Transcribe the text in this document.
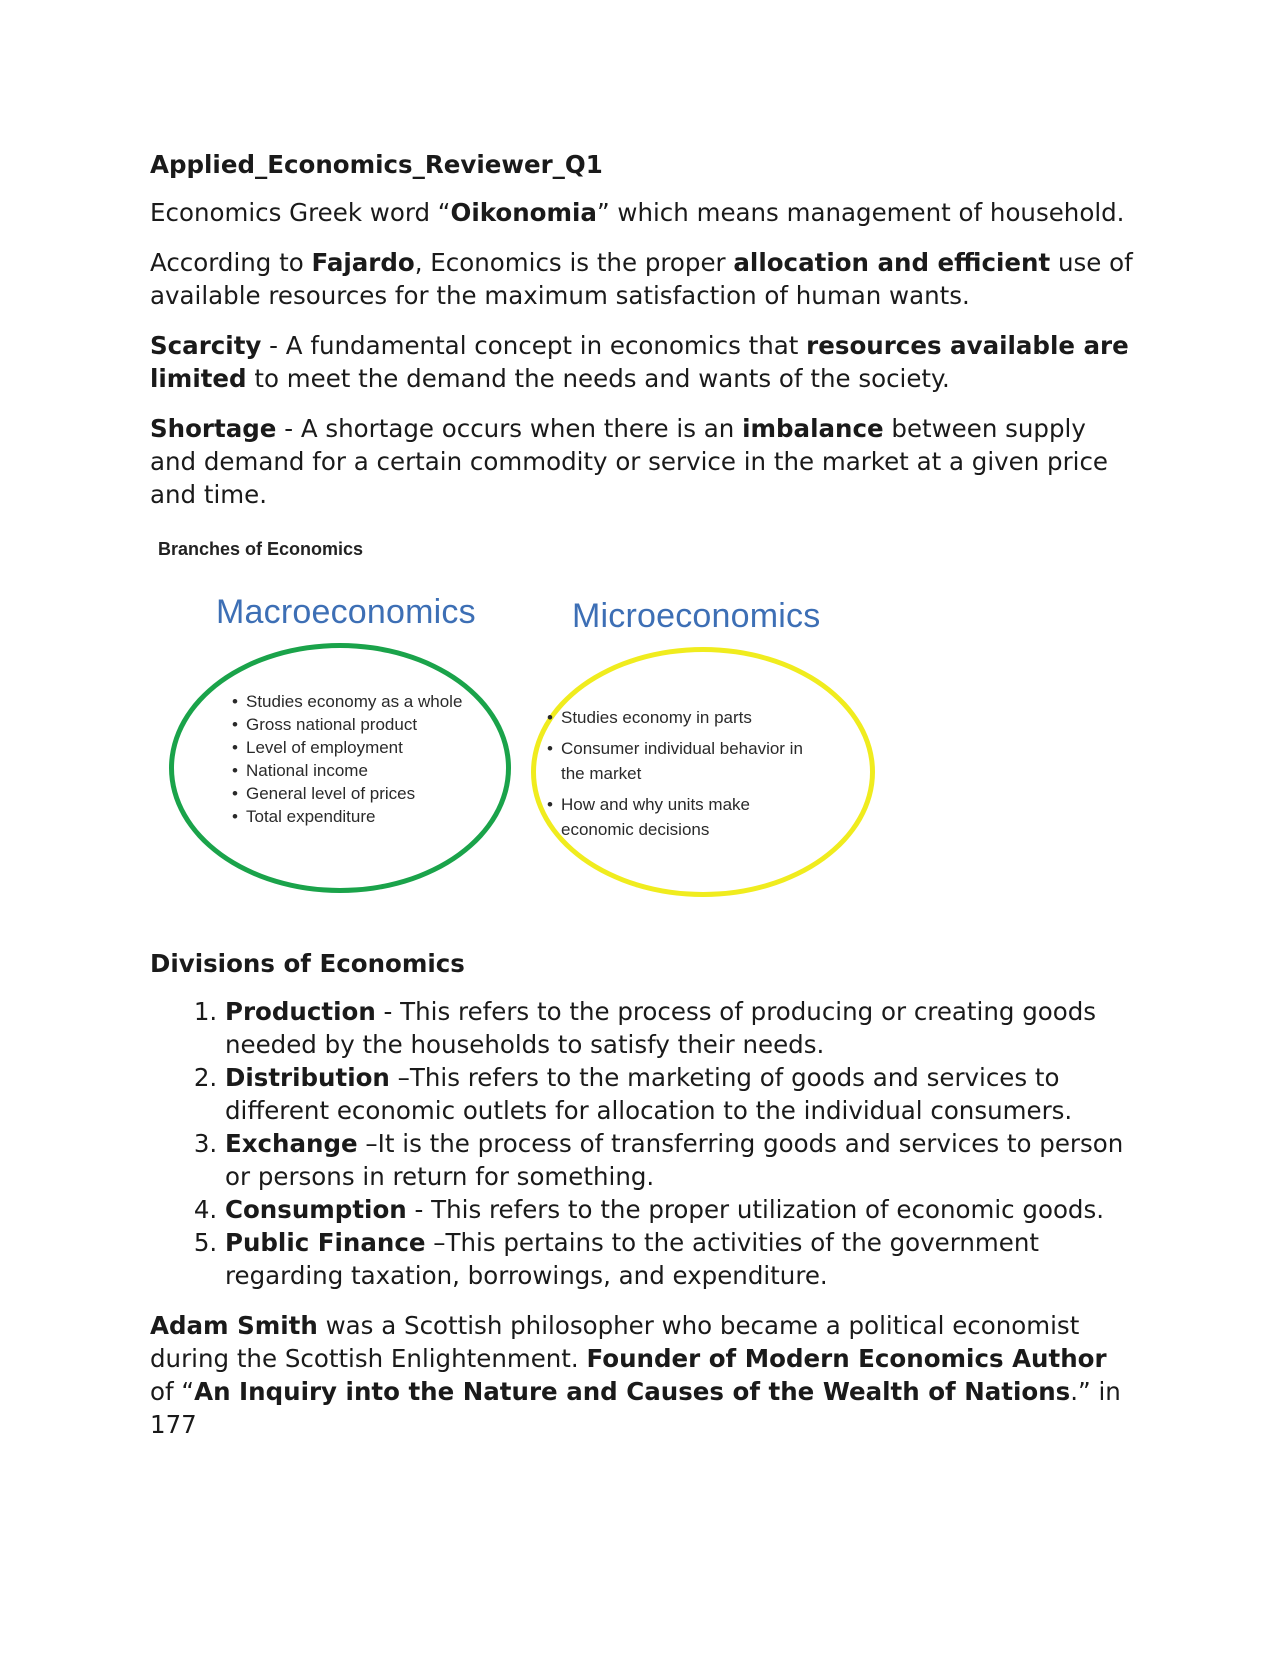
Applied_Economics_Reviewer_Q1

Economics Greek word “Oikonomia” which means management of household.

According to Fajardo, Economics is the proper allocation and efficient use of available resources for the maximum satisfaction of human wants.

Scarcity - A fundamental concept in economics that resources available are limited to meet the demand the needs and wants of the society.

Shortage - A shortage occurs when there is an imbalance between supply and demand for a certain commodity or service in the market at a given price and time.

Branches of Economics
Macroeconomics
• Studies economy as a whole
• Gross national product
• Level of employment
• National income
• General level of prices
• Total expenditure
Microeconomics
• Studies economy in parts
• Consumer individual behavior in the market
• How and why units make economic decisions

Divisions of Economics

1. Production - This refers to the process of producing or creating goods needed by the households to satisfy their needs.
2. Distribution –This refers to the marketing of goods and services to different economic outlets for allocation to the individual consumers.
3. Exchange –It is the process of transferring goods and services to person or persons in return for something.
4. Consumption - This refers to the proper utilization of economic goods.
5. Public Finance –This pertains to the activities of the government regarding taxation, borrowings, and expenditure.

Adam Smith was a Scottish philosopher who became a political economist during the Scottish Enlightenment. Founder of Modern Economics Author of “An Inquiry into the Nature and Causes of the Wealth of Nations.” in 177
